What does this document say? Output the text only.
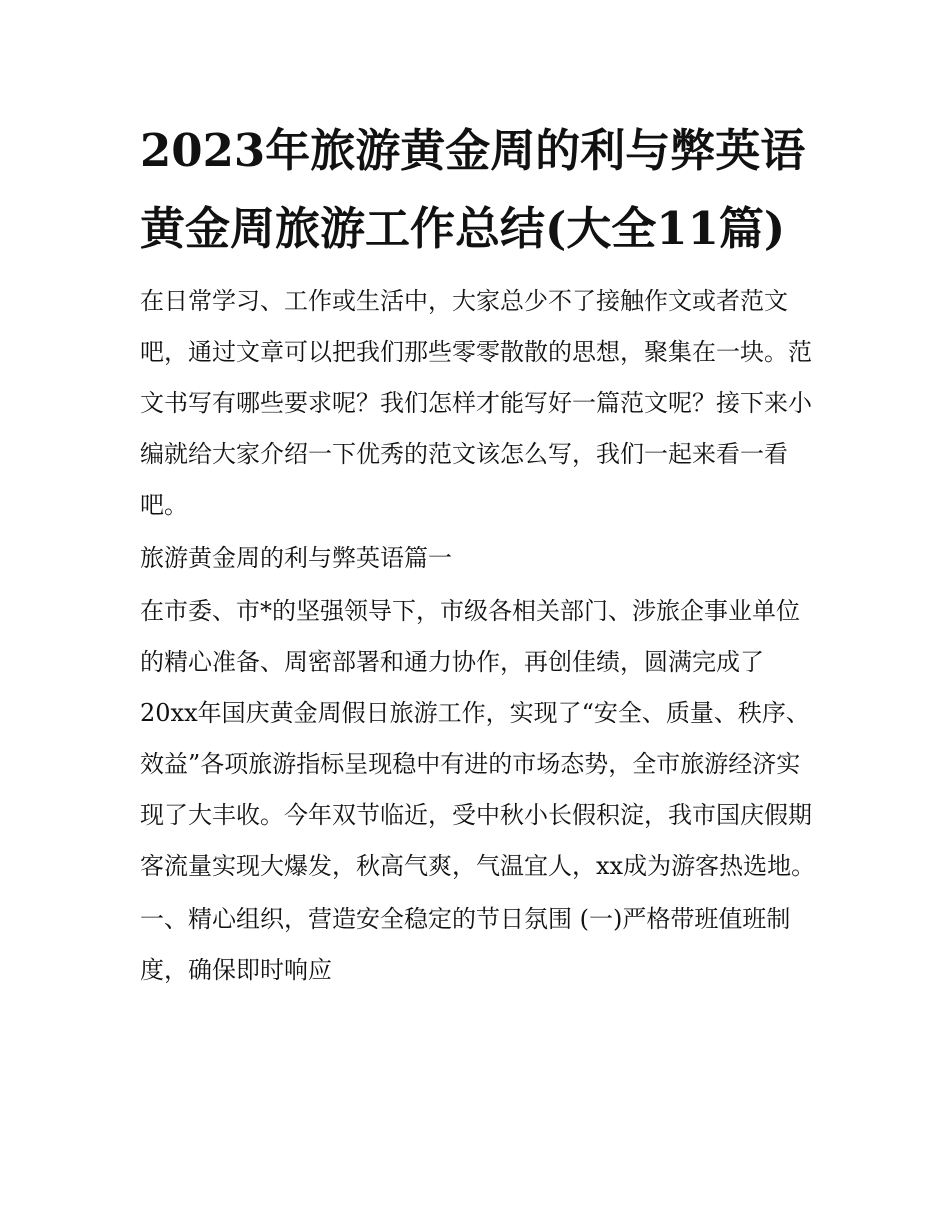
2023年旅游黄金周的利与弊英语 黄金周旅游工作总结(大全11篇)

在日常学习、工作或生活中，大家总少不了接触作文或者范文吧，通过文章可以把我们那些零零散散的思想，聚集在一块。范文书写有哪些要求呢？我们怎样才能写好一篇范文呢？接下来小编就给大家介绍一下优秀的范文该怎么写，我们一起来看一看吧。

旅游黄金周的利与弊英语篇一

在市委、市*的坚强领导下，市级各相关部门、涉旅企事业单位的精心准备、周密部署和通力协作，再创佳绩，圆满完成了20xx年国庆黄金周假日旅游工作，实现了“安全、质量、秩序、效益”各项旅游指标呈现稳中有进的市场态势，全市旅游经济实现了大丰收。今年双节临近，受中秋小长假积淀，我市国庆假期客流量实现大爆发，秋高气爽，气温宜人，xx成为游客热选地。

一、精心组织，营造安全稳定的节日氛围 (一)严格带班值班制度，确保即时响应
